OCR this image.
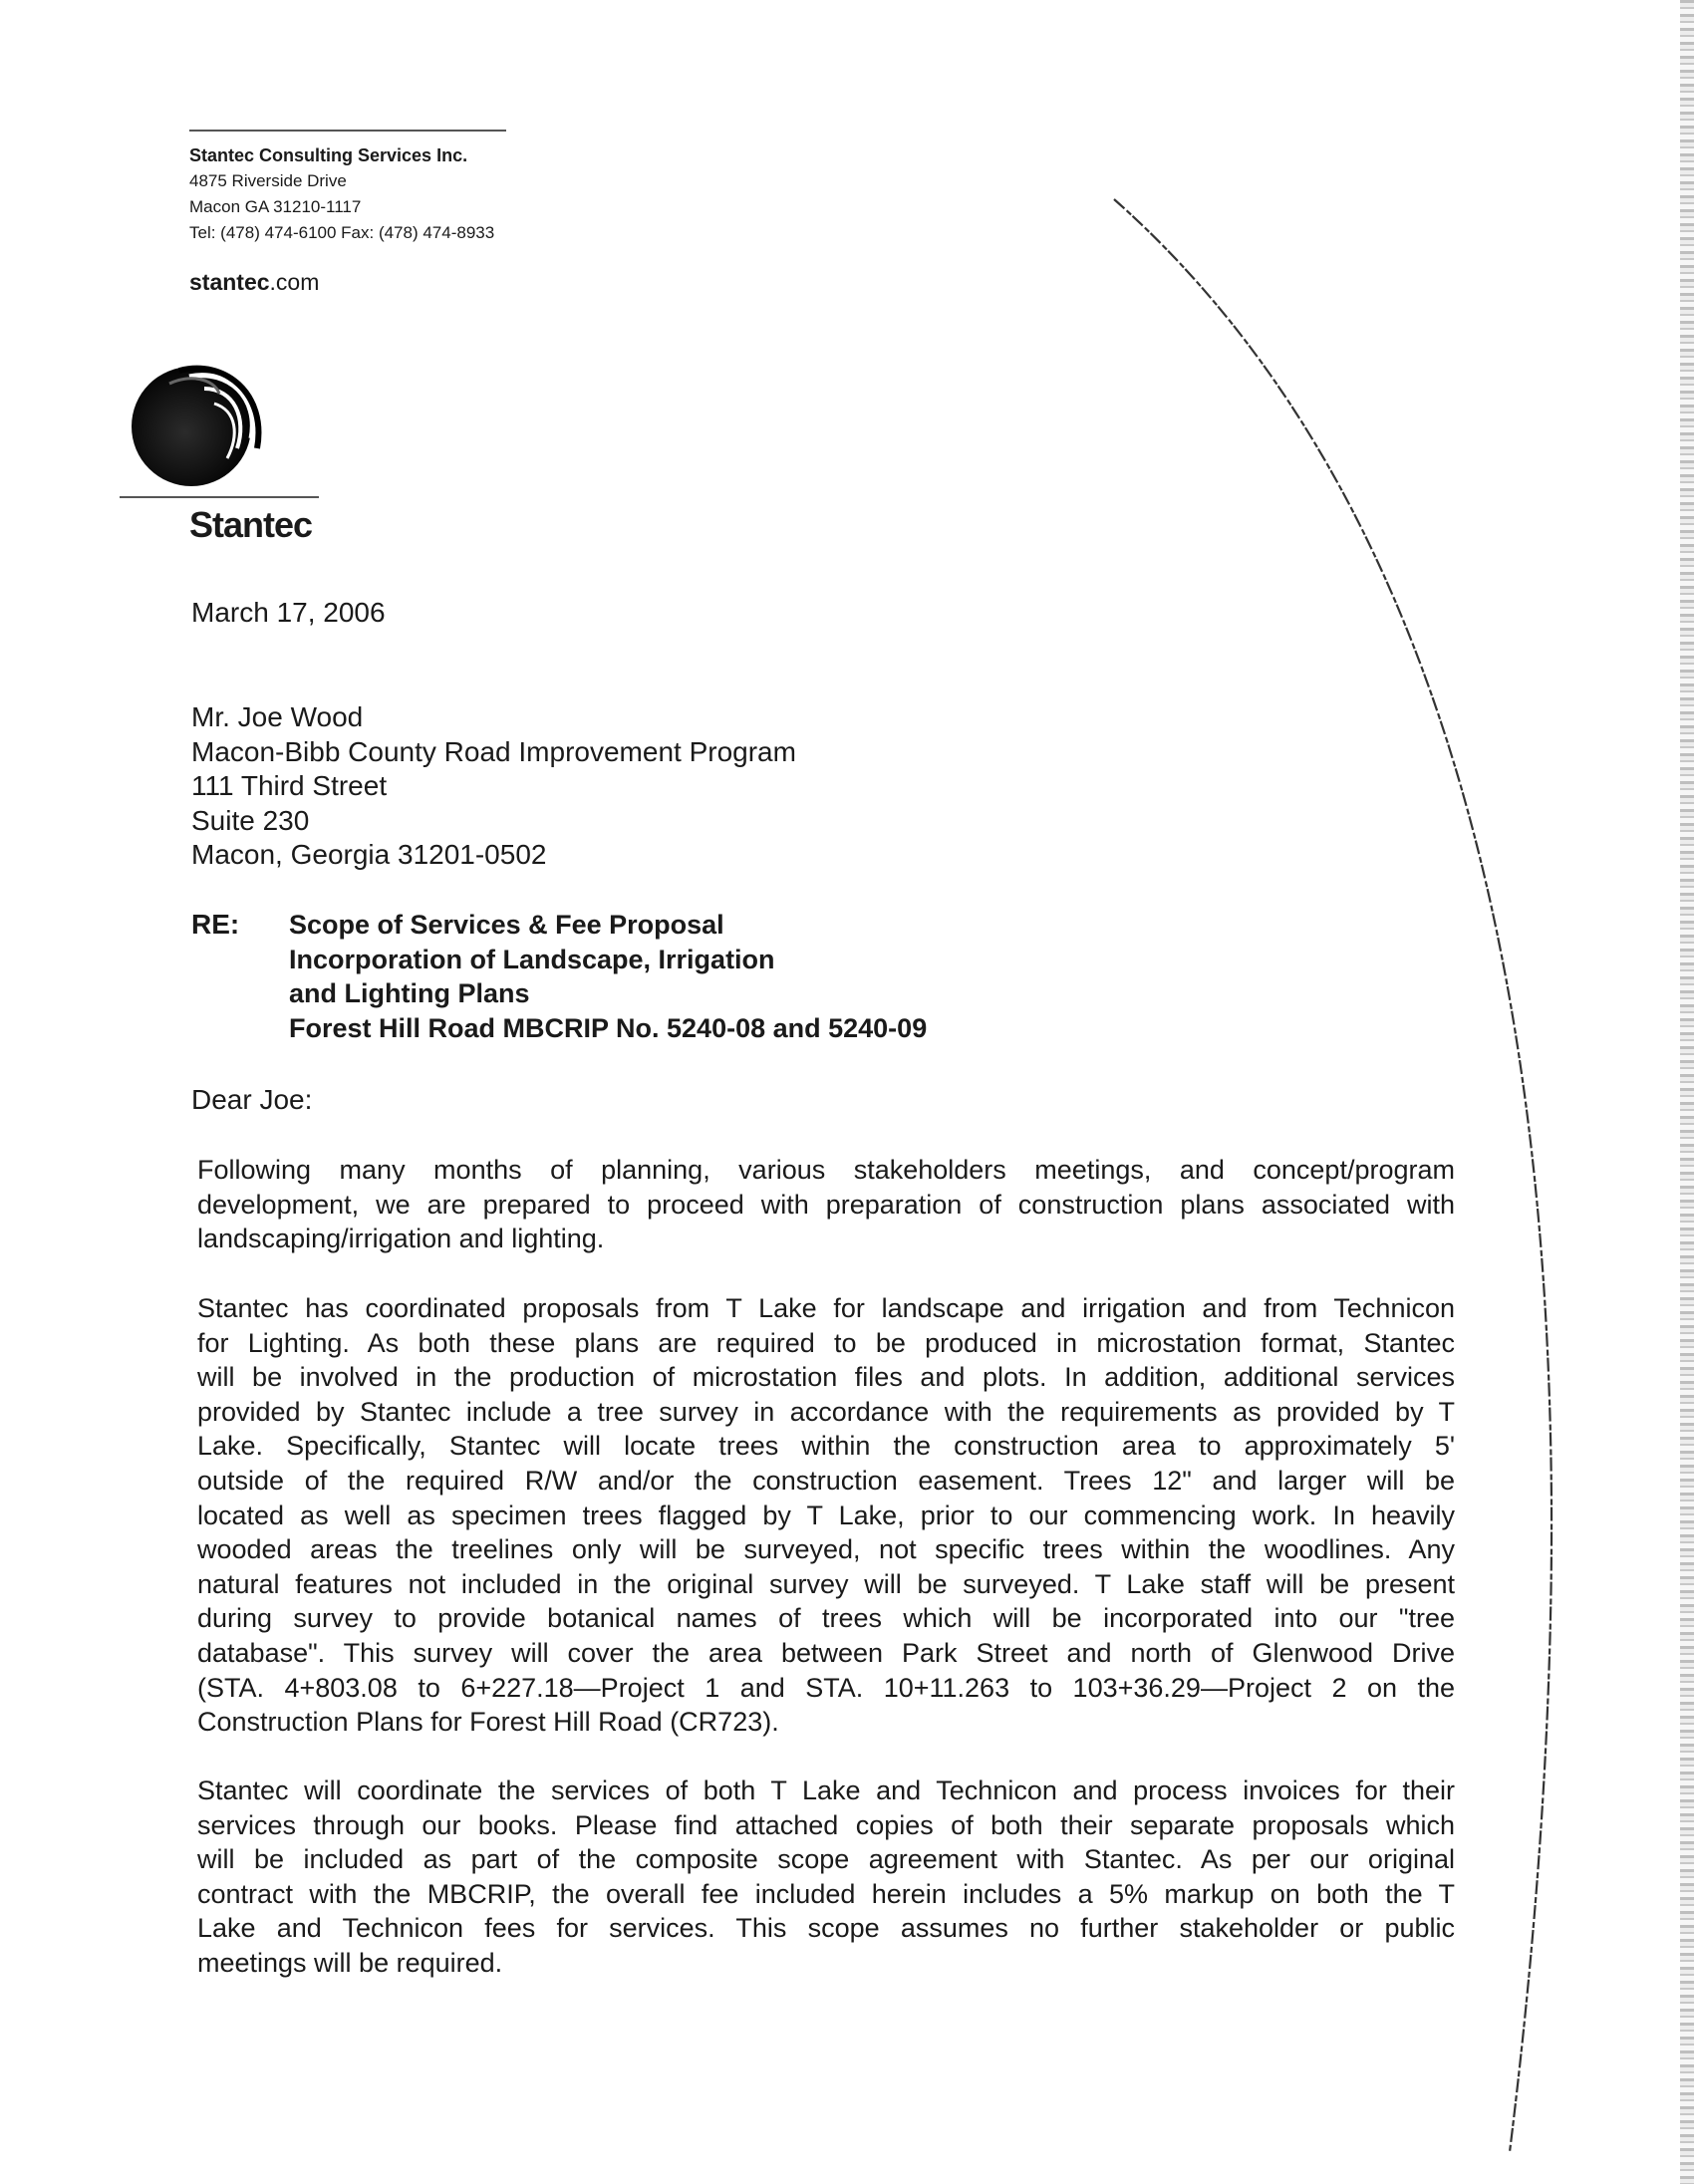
Stantec Consulting Services Inc.
4875 Riverside Drive
Macon GA 31210-1117
Tel: (478) 474-6100 Fax: (478) 474-8933
stantec.com
Stantec
March 17, 2006
Mr. Joe Wood
Macon-Bibb County Road Improvement Program
111 Third Street
Suite 230
Macon, Georgia 31201-0502
RE: Scope of Services & Fee Proposal
Incorporation of Landscape, Irrigation
and Lighting Plans
Forest Hill Road MBCRIP No. 5240-08 and 5240-09
Dear Joe:
Following many months of planning, various stakeholders meetings, and concept/program
development, we are prepared to proceed with preparation of construction plans associated with
landscaping/irrigation and lighting.
Stantec has coordinated proposals from T Lake for landscape and irrigation and from Technicon
for Lighting. As both these plans are required to be produced in microstation format, Stantec
will be involved in the production of microstation files and plots. In addition, additional services
provided by Stantec include a tree survey in accordance with the requirements as provided by T
Lake. Specifically, Stantec will locate trees within the construction area to approximately 5'
outside of the required R/W and/or the construction easement. Trees 12" and larger will be
located as well as specimen trees flagged by T Lake, prior to our commencing work. In heavily
wooded areas the treelines only will be surveyed, not specific trees within the woodlines. Any
natural features not included in the original survey will be surveyed. T Lake staff will be present
during survey to provide botanical names of trees which will be incorporated into our "tree
database". This survey will cover the area between Park Street and north of Glenwood Drive
(STA. 4+803.08 to 6+227.18—Project 1 and STA. 10+11.263 to 103+36.29—Project 2 on the
Construction Plans for Forest Hill Road (CR723).
Stantec will coordinate the services of both T Lake and Technicon and process invoices for their
services through our books. Please find attached copies of both their separate proposals which
will be included as part of the composite scope agreement with Stantec. As per our original
contract with the MBCRIP, the overall fee included herein includes a 5% markup on both the T
Lake and Technicon fees for services. This scope assumes no further stakeholder or public
meetings will be required.
